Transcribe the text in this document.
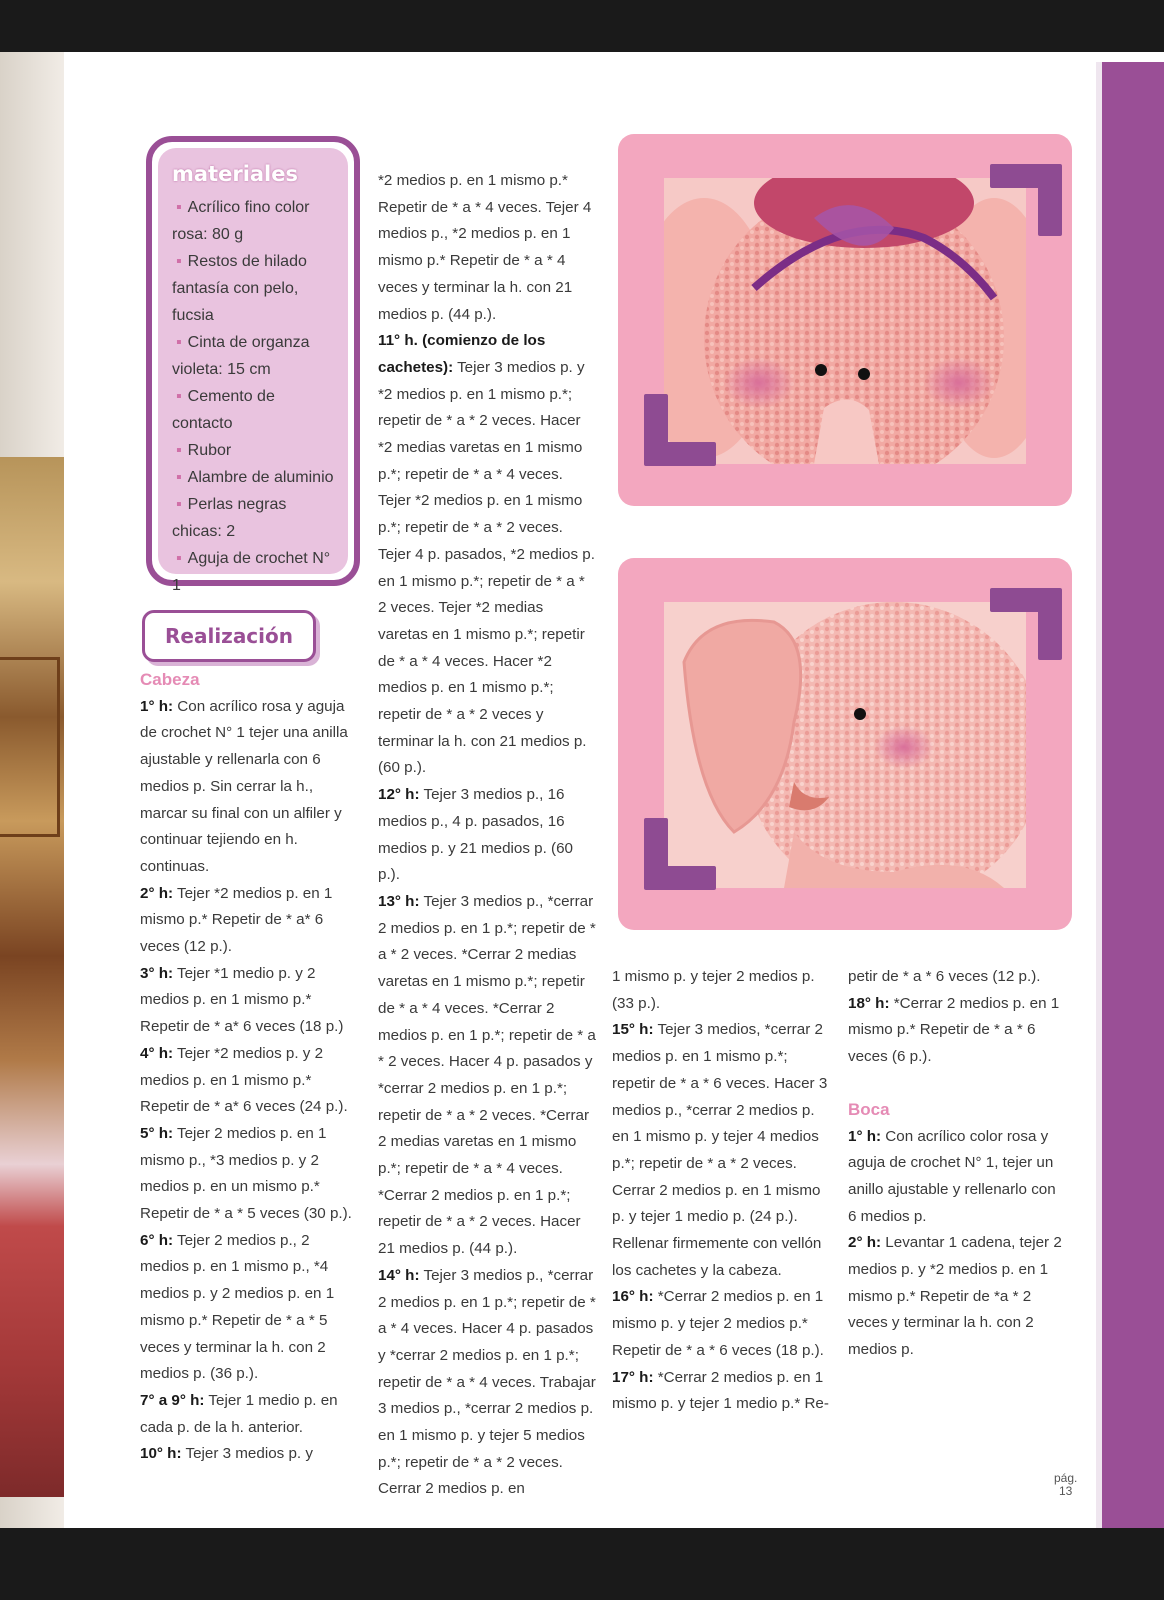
materiales
▪ Acrílico fino color rosa: 80 g
▪ Restos de hilado fantasía con pelo, fucsia
▪ Cinta de organza violeta: 15 cm
▪ Cemento de contacto
▪ Rubor
▪ Alambre de aluminio
▪ Perlas negras chicas: 2
▪ Aguja de crochet N° 1
Realización

Cabeza

1° h: Con acrílico rosa y aguja de crochet N° 1 tejer una anilla ajustable y rellenarla con 6 medios p. Sin cerrar la h., marcar su final con un alfiler y continuar tejiendo en h. continuas.

2° h: Tejer *2 medios p. en 1 mismo p.* Repetir de * a* 6 veces (12 p.).

3° h: Tejer *1 medio p. y 2 medios p. en 1 mismo p.* Repetir de * a* 6 veces (18 p.)

4° h: Tejer *2 medios p. y 2 medios p. en 1 mismo p.* Repetir de * a* 6 veces (24 p.).

5° h: Tejer 2 medios p. en 1 mismo p., *3 medios p. y 2 medios p. en un mismo p.* Repetir de * a * 5 veces (30 p.).

6° h: Tejer 2 medios p., 2 medios p. en 1 mismo p., *4 medios p. y 2 medios p. en 1 mismo p.* Repetir de * a * 5 veces y terminar la h. con 2 medios p. (36 p.).

7° a 9° h: Tejer 1 medio p. en cada p. de la h. anterior.

10° h: Tejer 3 medios p. y

*2 medios p. en 1 mismo p.* Repetir de * a * 4 veces. Tejer 4 medios p., *2 medios p. en 1 mismo p.* Repetir de * a * 4 veces y terminar la h. con 21 medios p. (44 p.).

11° h. (comienzo de los cachetes): Tejer 3 medios p. y *2 medios p. en 1 mismo p.*; repetir de * a * 2 veces. Hacer *2 medias varetas en 1 mismo p.*; repetir de * a * 4 veces. Tejer *2 medios p. en 1 mismo p.*; repetir de * a * 2 veces. Tejer 4 p. pasados, *2 medios p. en 1 mismo p.*; repetir de * a * 2 veces. Tejer *2 medias varetas en 1 mismo p.*; repetir de * a * 4 veces. Hacer *2 medios p. en 1 mismo p.*; repetir de * a * 2 veces y terminar la h. con 21 medios p. (60 p.).

12° h: Tejer 3 medios p., 16 medios p., 4 p. pasados, 16 medios p. y 21 medios p. (60 p.).

13° h: Tejer 3 medios p., *cerrar 2 medios p. en 1 p.*; repetir de * a * 2 veces. *Cerrar 2 medias varetas en 1 mismo p.*; repetir de * a * 4 veces. *Cerrar 2 medios p. en 1 p.*; repetir de * a * 2 veces. Hacer 4 p. pasados y *cerrar 2 medios p. en 1 p.*; repetir de * a * 2 veces. *Cerrar 2 medias varetas en 1 mismo p.*; repetir de * a * 4 veces. *Cerrar 2 medios p. en 1 p.*; repetir de * a * 2 veces. Hacer 21 medios p. (44 p.).

14° h: Tejer 3 medios p., *cerrar 2 medios p. en 1 p.*; repetir de * a * 4 veces. Hacer 4 p. pasados y *cerrar 2 medios p. en 1 p.*; repetir de * a * 4 veces. Trabajar 3 medios p., *cerrar 2 medios p. en 1 mismo p. y tejer 5 medios p.*; repetir de * a * 2 veces. Cerrar 2 medios p. en

1 mismo p. y tejer 2 medios p. (33 p.).

15° h: Tejer 3 medios, *cerrar 2 medios p. en 1 mismo p.*; repetir de * a * 6 veces. Hacer 3 medios p., *cerrar 2 medios p. en 1 mismo p. y tejer 4 medios p.*; repetir de * a * 2 veces. Cerrar 2 medios p. en 1 mismo p. y tejer 1 medio p. (24 p.). Rellenar firmemente con vellón los cachetes y la cabeza.

16° h: *Cerrar 2 medios p. en 1 mismo p. y tejer 2 medios p.* Repetir de * a * 6 veces (18 p.).

17° h: *Cerrar 2 medios p. en 1 mismo p. y tejer 1 medio p.* Re-

petir de * a * 6 veces (12 p.).

18° h: *Cerrar 2 medios p. en 1 mismo p.* Repetir de * a * 6 veces (6 p.).

Boca

1° h: Con acrílico color rosa y aguja de crochet N° 1, tejer un anillo ajustable y rellenarlo con 6 medios p.

2° h: Levantar 1 cadena, tejer 2 medios p. y *2 medios p. en 1 mismo p.* Repetir de *a * 2 veces y terminar la h. con 2 medios p.

pág.
13
